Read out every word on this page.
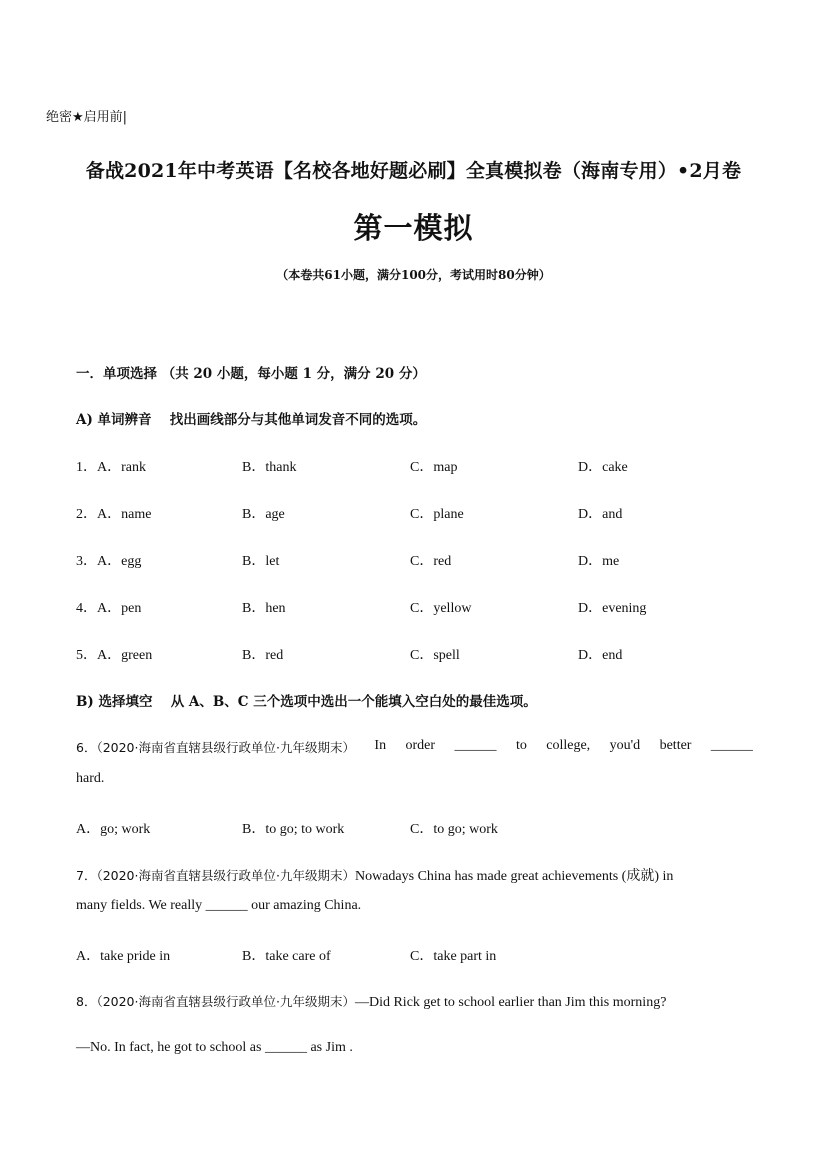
绝密★启用前|
备战2021年中考英语【名校各地好题必刷】全真模拟卷（海南专用）•2月卷
第一模拟
（本卷共61小题，满分100分，考试用时80分钟）
一．单项选择 （共 20 小题，每小题 1 分，满分 20 分）
A) 单词辨音　 找出画线部分与其他单词发音不同的选项。
1．A．rank	B．thank	C．map	D．cake
2．A．name	B．age	C．plane	D．and
3．A．egg	B．let	C．red	D．me
4．A．pen	B．hen	C．yellow	D．evening
5．A．green	B．red	C．spell	D．end
B) 选择填空　 从 A、B、C 三个选项中选出一个能填入空白处的最佳选项。
6．（2020·海南省直辖县级行政单位·九年级期末） In order ______ to college, you'd better ______
hard.
A．go; work	B．to go; to work	C．to go; work
7．（2020·海南省直辖县级行政单位·九年级期末）Nowadays China has made great achievements (成就) in
many fields. We really ______ our amazing China.
A．take pride in	B．take care of	C．take part in
8．（2020·海南省直辖县级行政单位·九年级期末）—Did Rick get to school earlier than Jim this morning?
—No. In fact, he got to school as ______ as Jim .
